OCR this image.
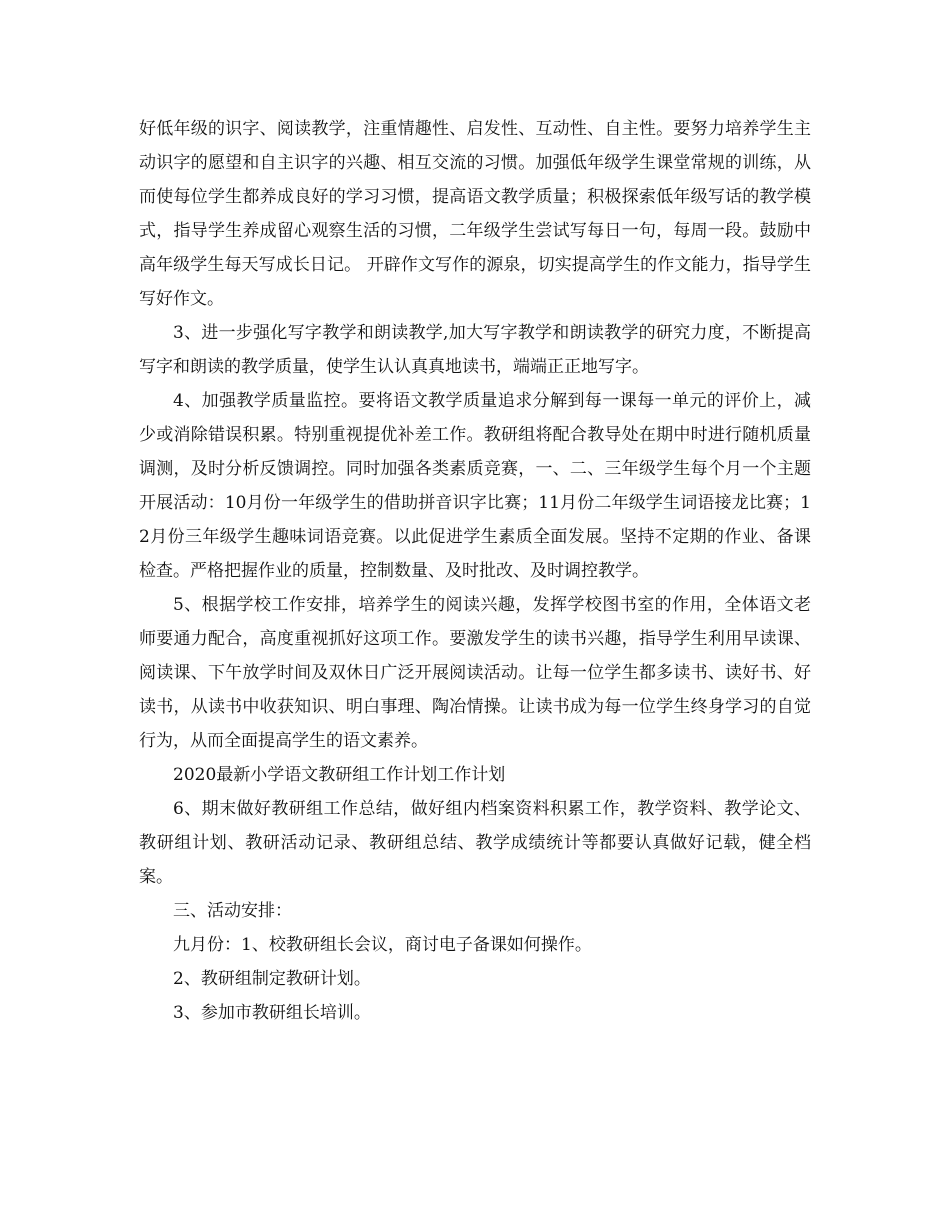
好低年级的识字、阅读教学，注重情趣性、启发性、互动性、自主性。要努力培养学生主动识字的愿望和自主识字的兴趣、相互交流的习惯。加强低年级学生课堂常规的训练，从而使每位学生都养成良好的学习习惯，提高语文教学质量；积极探索低年级写话的教学模式，指导学生养成留心观察生活的习惯，二年级学生尝试写每日一句，每周一段。鼓励中高年级学生每天写成长日记。 开辟作文写作的源泉，切实提高学生的作文能力，指导学生写好作文。

3、进一步强化写字教学和朗读教学,加大写字教学和朗读教学的研究力度，不断提高写字和朗读的教学质量，使学生认认真真地读书，端端正正地写字。

4、加强教学质量监控。要将语文教学质量追求分解到每一课每一单元的评价上，减少或消除错误积累。特别重视提优补差工作。教研组将配合教导处在期中时进行随机质量调测，及时分析反馈调控。同时加强各类素质竞赛，一、二、三年级学生每个月一个主题开展活动：10月份一年级学生的借助拼音识字比赛；11月份二年级学生词语接龙比赛；12月份三年级学生趣味词语竞赛。以此促进学生素质全面发展。坚持不定期的作业、备课检查。严格把握作业的质量，控制数量、及时批改、及时调控教学。

5、根据学校工作安排，培养学生的阅读兴趣，发挥学校图书室的作用，全体语文老师要通力配合，高度重视抓好这项工作。要激发学生的读书兴趣，指导学生利用早读课、阅读课、下午放学时间及双休日广泛开展阅读活动。让每一位学生都多读书、读好书、好读书，从读书中收获知识、明白事理、陶冶情操。让读书成为每一位学生终身学习的自觉行为，从而全面提高学生的语文素养。

2020最新小学语文教研组工作计划工作计划

6、期末做好教研组工作总结，做好组内档案资料积累工作，教学资料、教学论文、教研组计划、教研活动记录、教研组总结、教学成绩统计等都要认真做好记载，健全档案。

三、活动安排：

九月份：1、校教研组长会议，商讨电子备课如何操作。

2、教研组制定教研计划。

3、参加市教研组长培训。
